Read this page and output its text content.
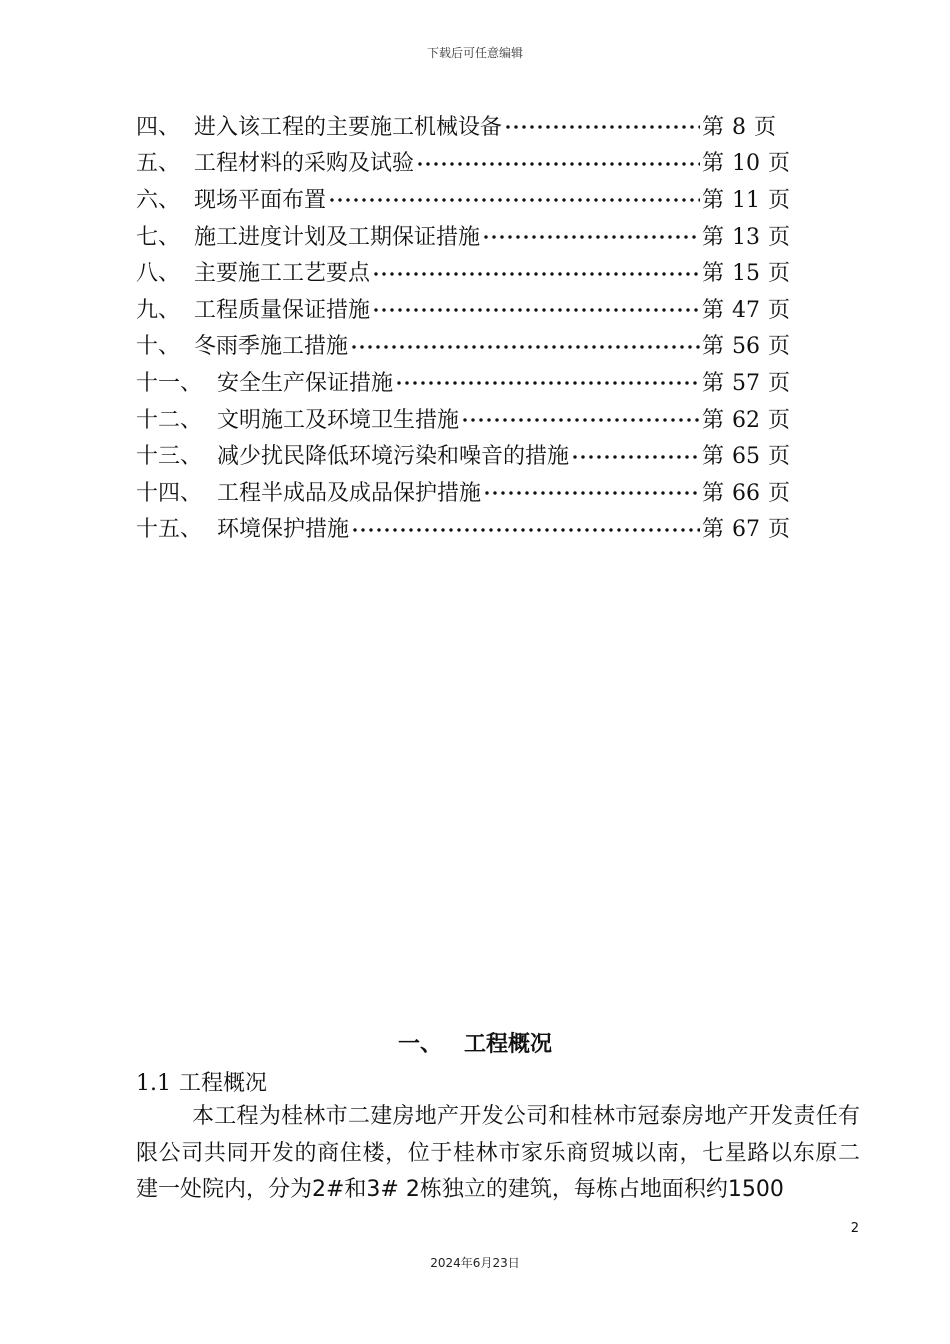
下载后可任意编辑
四、 进入该工程的主要施工机械设备	第 8 页
五、 工程材料的采购及试验	第 10 页
六、 现场平面布置	第 11 页
七、 施工进度计划及工期保证措施	第 13 页
八、 主要施工工艺要点	第 15 页
九、 工程质量保证措施	第 47 页
十、 冬雨季施工措施	第 56 页
十一、 安全生产保证措施	第 57 页
十二、 文明施工及环境卫生措施	第 62 页
十三、 减少扰民降低环境污染和噪音的措施	第 65 页
十四、 工程半成品及成品保护措施	第 66 页
十五、 环境保护措施	第 67 页
一、 工程概况
1.1 工程概况
本工程为桂林市二建房地产开发公司和桂林市冠泰房地产开发责任有限公司共同开发的商住楼，位于桂林市家乐商贸城以南，七星路以东原二建一处院内，分为2#和3# 2栋独立的建筑，每栋占地面积约1500
2
2024年6月23日
